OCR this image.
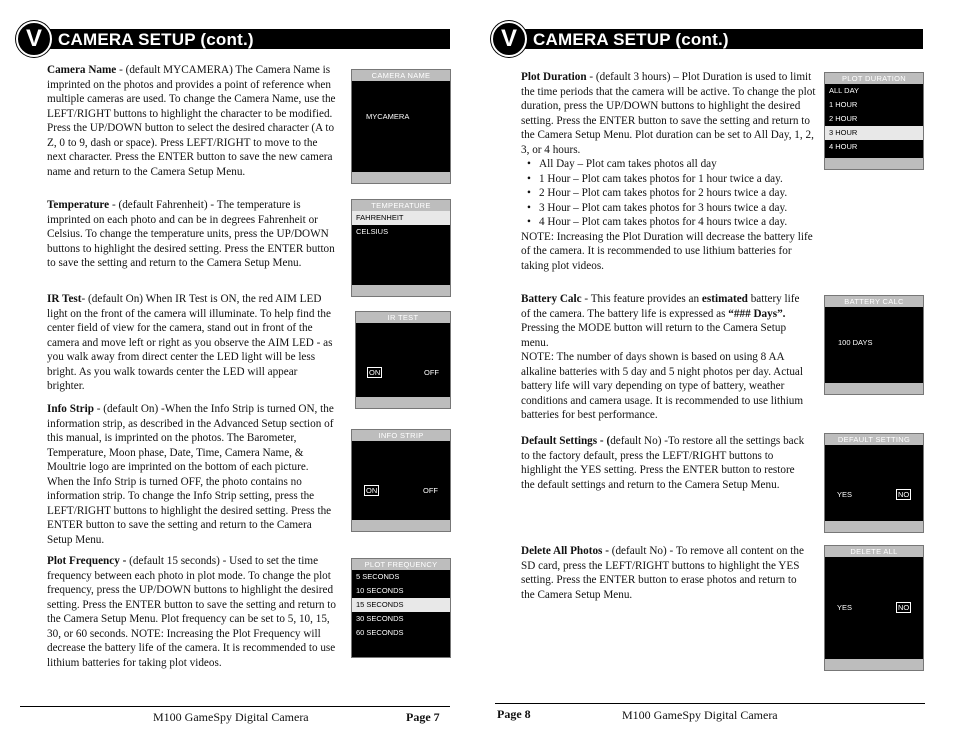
CAMERA SETUP (cont.)
V

Camera Name - (default MYCAMERA) The Camera Name is imprinted on the photos and provides a point of reference when multiple cameras are used. To change the Camera Name, use the LEFT/RIGHT buttons to highlight the character to be modified. Press the UP/DOWN button to select the desired character (A to Z, 0 to 9, dash or space). Press LEFT/RIGHT to move to the next character. Press the ENTER button to save the new camera name and return to the Camera Setup Menu.

Temperature - (default Fahrenheit) - The temperature is imprinted on each photo and can be in degrees Fahrenheit or Celsius. To change the temperature units, press the UP/DOWN buttons to highlight the desired setting. Press the ENTER button to save the setting and return to the Camera Setup Menu.

IR Test- (default On) When IR Test is ON, the red AIM LED light on the front of the camera will illuminate. To help find the center field of view for the camera, stand out in front of the camera and move left or right as you observe the AIM LED - as you walk away from direct center the LED light will be less bright. As you walk towards center the LED will appear brighter.

Info Strip - (default On) -When the Info Strip is turned ON, the information strip, as described in the Advanced Setup section of this manual, is imprinted on the photos. The Barometer, Temperature, Moon phase, Date, Time, Camera Name, & Moultrie logo are imprinted on the bottom of each picture. When the Info Strip is turned OFF, the photo contains no information strip. To change the Info Strip setting, press the LEFT/RIGHT buttons to highlight the desired setting. Press the ENTER button to save the setting and return to the Camera Setup Menu.

Plot Frequency - (default 15 seconds) - Used to set the time frequency between each photo in plot mode. To change the plot frequency, press the UP/DOWN buttons to highlight the desired setting. Press the ENTER button to save the setting and return to the Camera Setup Menu. Plot frequency can be set to 5, 10, 15, 30, or 60 seconds. NOTE: Increasing the Plot Frequency will decrease the battery life of the camera. It is recommended to use lithium batteries for taking plot videos.

CAMERA NAME
MYCAMERA
TEMPERATURE
FAHRENHEIT
CELSIUS
IR TEST
ON	OFF
INFO STRIP
ON	OFF
PLOT FREQUENCY
5 SECONDS
10 SECONDS
15 SECONDS
30 SECONDS
60 SECONDS
M100 GameSpy Digital Camera	Page 7
CAMERA SETUP (cont.)
V
Plot Duration - (default 3 hours) – Plot Duration is used to limit the time periods that the camera will be active. To change the plot duration, press the UP/DOWN buttons to highlight the desired setting. Press the ENTER button to save the setting and return to the Camera Setup Menu. Plot duration can be set to All Day, 1, 2, 3, or 4 hours.
• All Day – Plot cam takes photos all day
• 1 Hour – Plot cam takes photos for 1 hour twice a day.
• 2 Hour – Plot cam takes photos for 2 hours twice a day.
• 3 Hour – Plot cam takes photos for 3 hours twice a day.
• 4 Hour – Plot cam takes photos for 4 hours twice a day.
NOTE: Increasing the Plot Duration will decrease the battery life of the camera. It is recommended to use lithium batteries for taking plot videos.
Battery Calc - This feature provides an estimated battery life of the camera. The battery life is expressed as “### Days”. Pressing the MODE button will return to the Camera Setup menu.
NOTE: The number of days shown is based on using 8 AA alkaline batteries with 5 day and 5 night photos per day. Actual battery life will vary depending on type of battery, weather conditions and camera usage. It is recommended to use lithium batteries for best performance.

Default Settings - (default No) -To restore all the settings back to the factory default, press the LEFT/RIGHT buttons to highlight the YES setting. Press the ENTER button to restore the default settings and return to the Camera Setup Menu.

Delete All Photos - (default No) - To remove all content on the SD card, press the LEFT/RIGHT buttons to highlight the YES setting. Press the ENTER button to erase photos and return to the Camera Setup Menu.

PLOT DURATION
ALL DAY
1 HOUR
2 HOUR
3 HOUR
4 HOUR
BATTERY CALC
100 DAYS
DEFAULT SETTING
YES	NO
DELETE ALL
YES	NO
Page 8	M100 GameSpy Digital Camera
